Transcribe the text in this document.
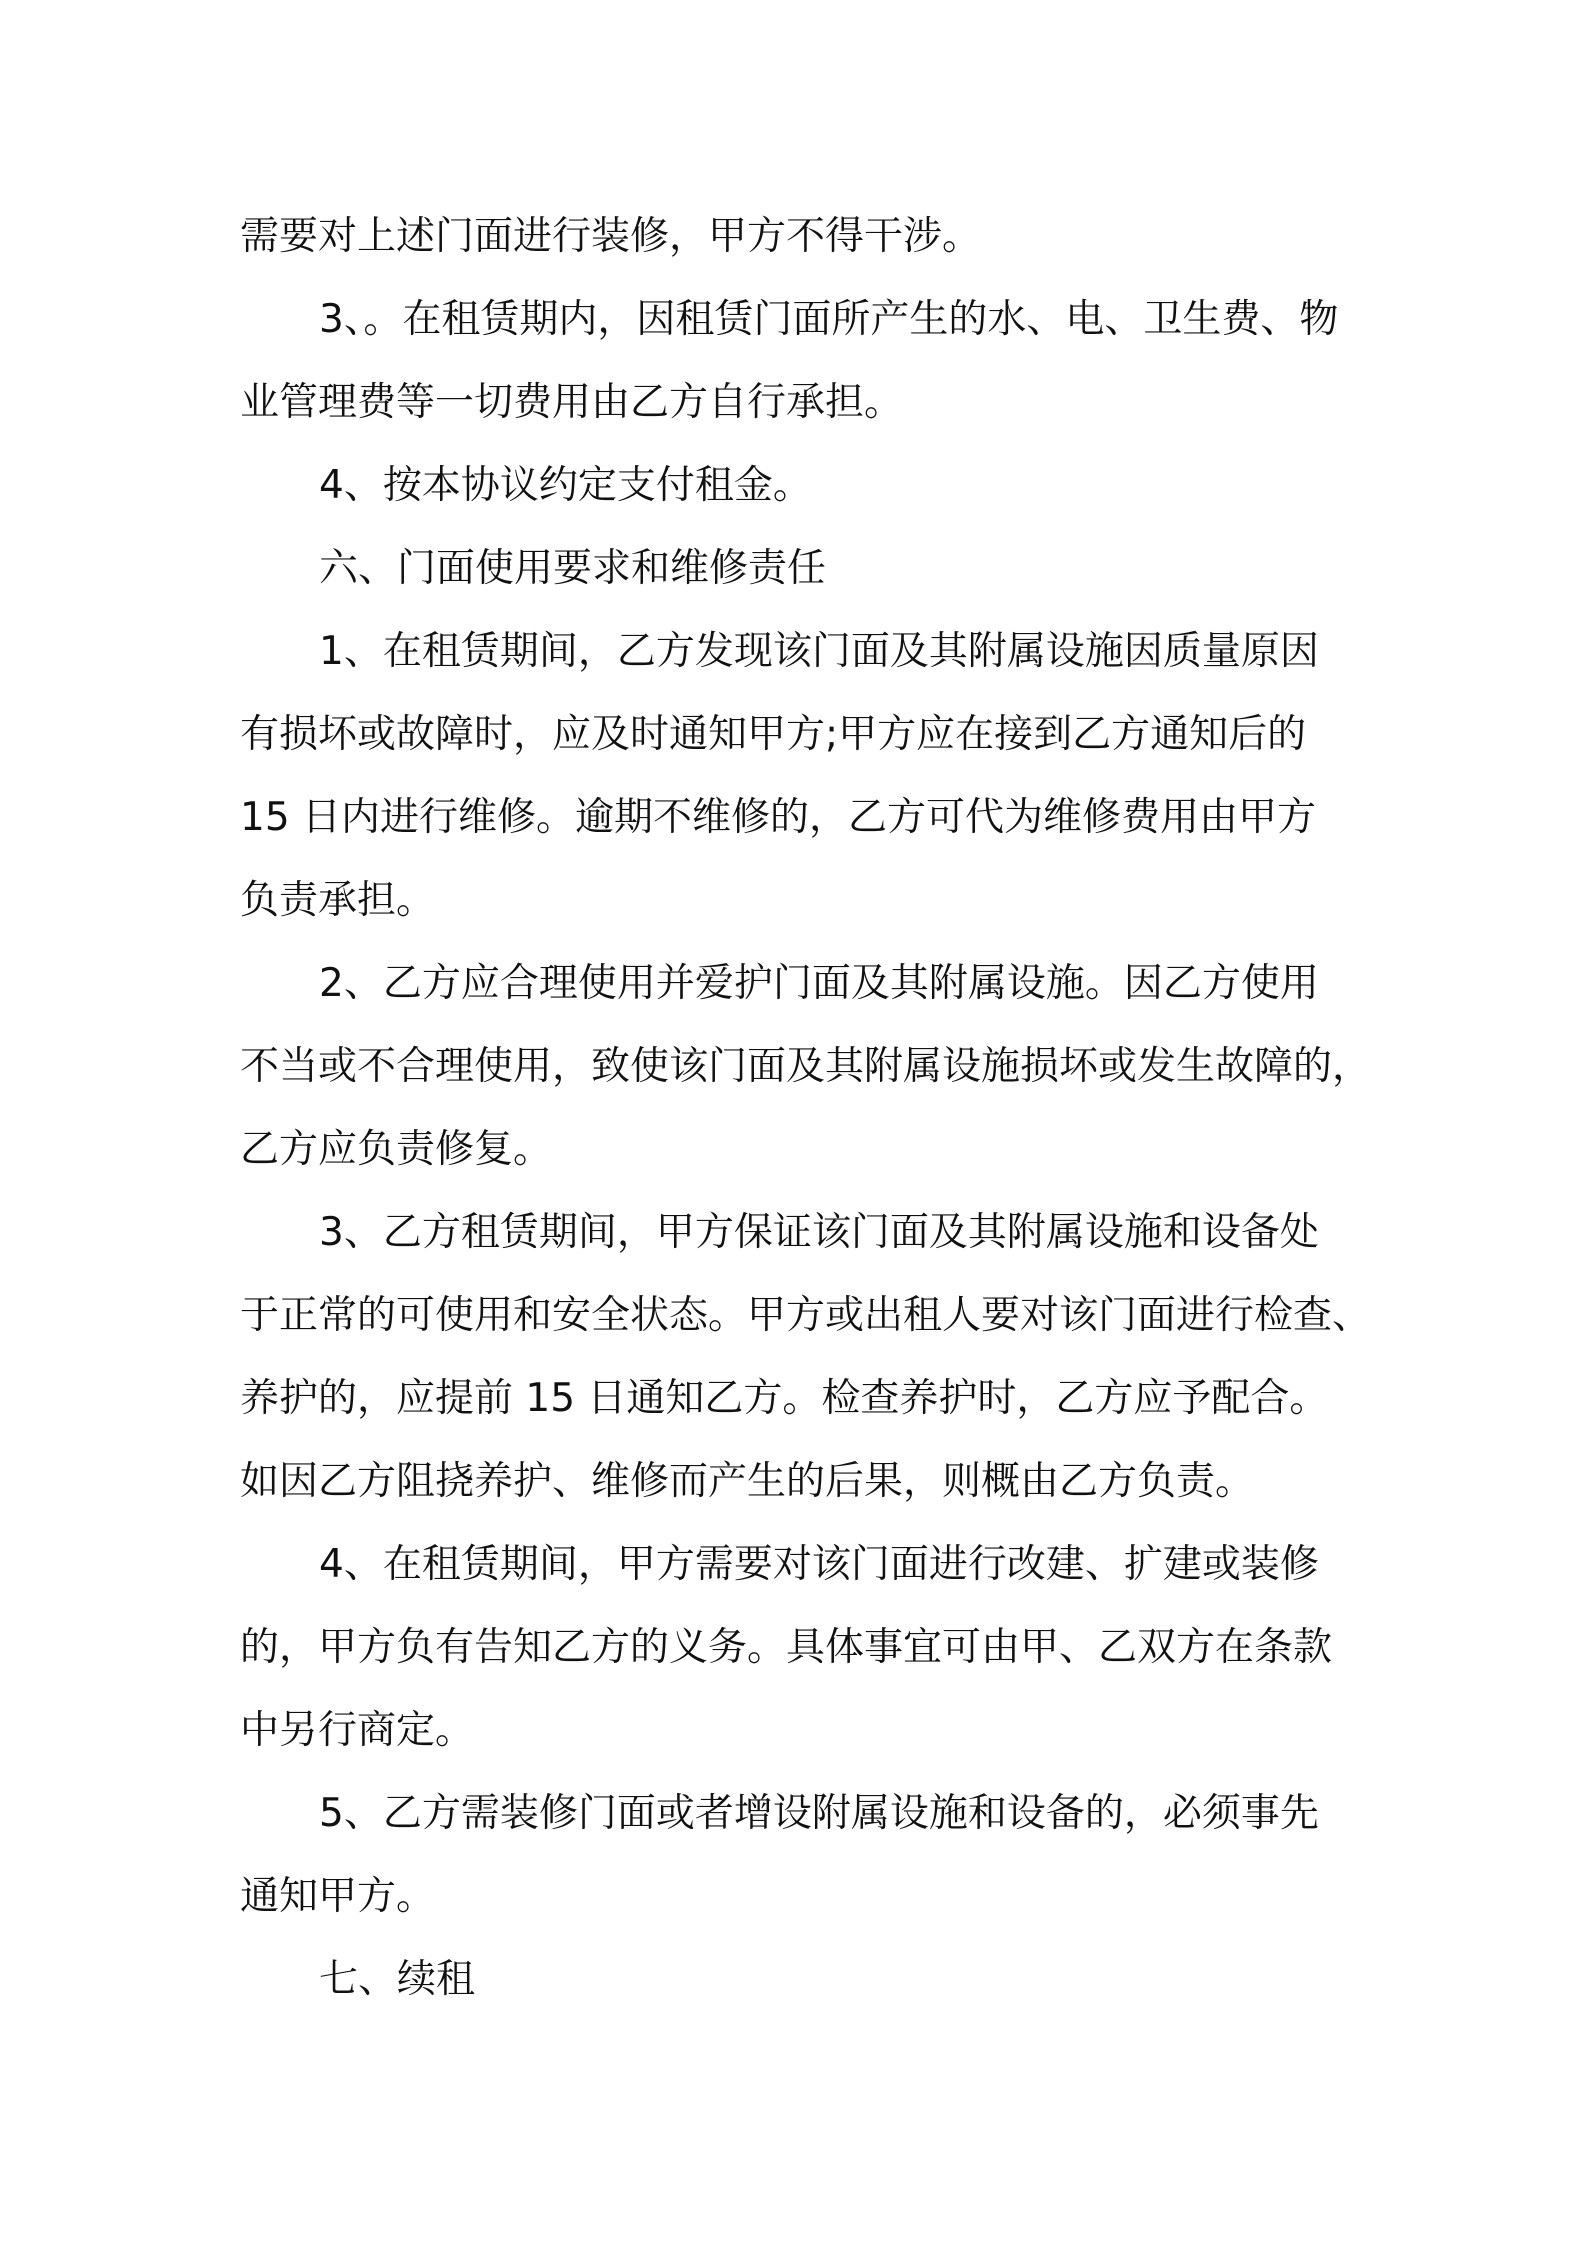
需要对上述门面进行装修，甲方不得干涉。
3、。在租赁期内，因租赁门面所产生的水、电、卫生费、物
业管理费等一切费用由乙方自行承担。
4、按本协议约定支付租金。
六、门面使用要求和维修责任
1、在租赁期间，乙方发现该门面及其附属设施因质量原因
有损坏或故障时，应及时通知甲方;甲方应在接到乙方通知后的
15 日内进行维修。逾期不维修的，乙方可代为维修费用由甲方
负责承担。
2、乙方应合理使用并爱护门面及其附属设施。因乙方使用
不当或不合理使用，致使该门面及其附属设施损坏或发生故障的，
乙方应负责修复。
3、乙方租赁期间，甲方保证该门面及其附属设施和设备处
于正常的可使用和安全状态。甲方或出租人要对该门面进行检查、
养护的，应提前 15 日通知乙方。检查养护时，乙方应予配合。
如因乙方阻挠养护、维修而产生的后果，则概由乙方负责。
4、在租赁期间，甲方需要对该门面进行改建、扩建或装修
的，甲方负有告知乙方的义务。具体事宜可由甲、乙双方在条款
中另行商定。
5、乙方需装修门面或者增设附属设施和设备的，必须事先
通知甲方。
七、续租
